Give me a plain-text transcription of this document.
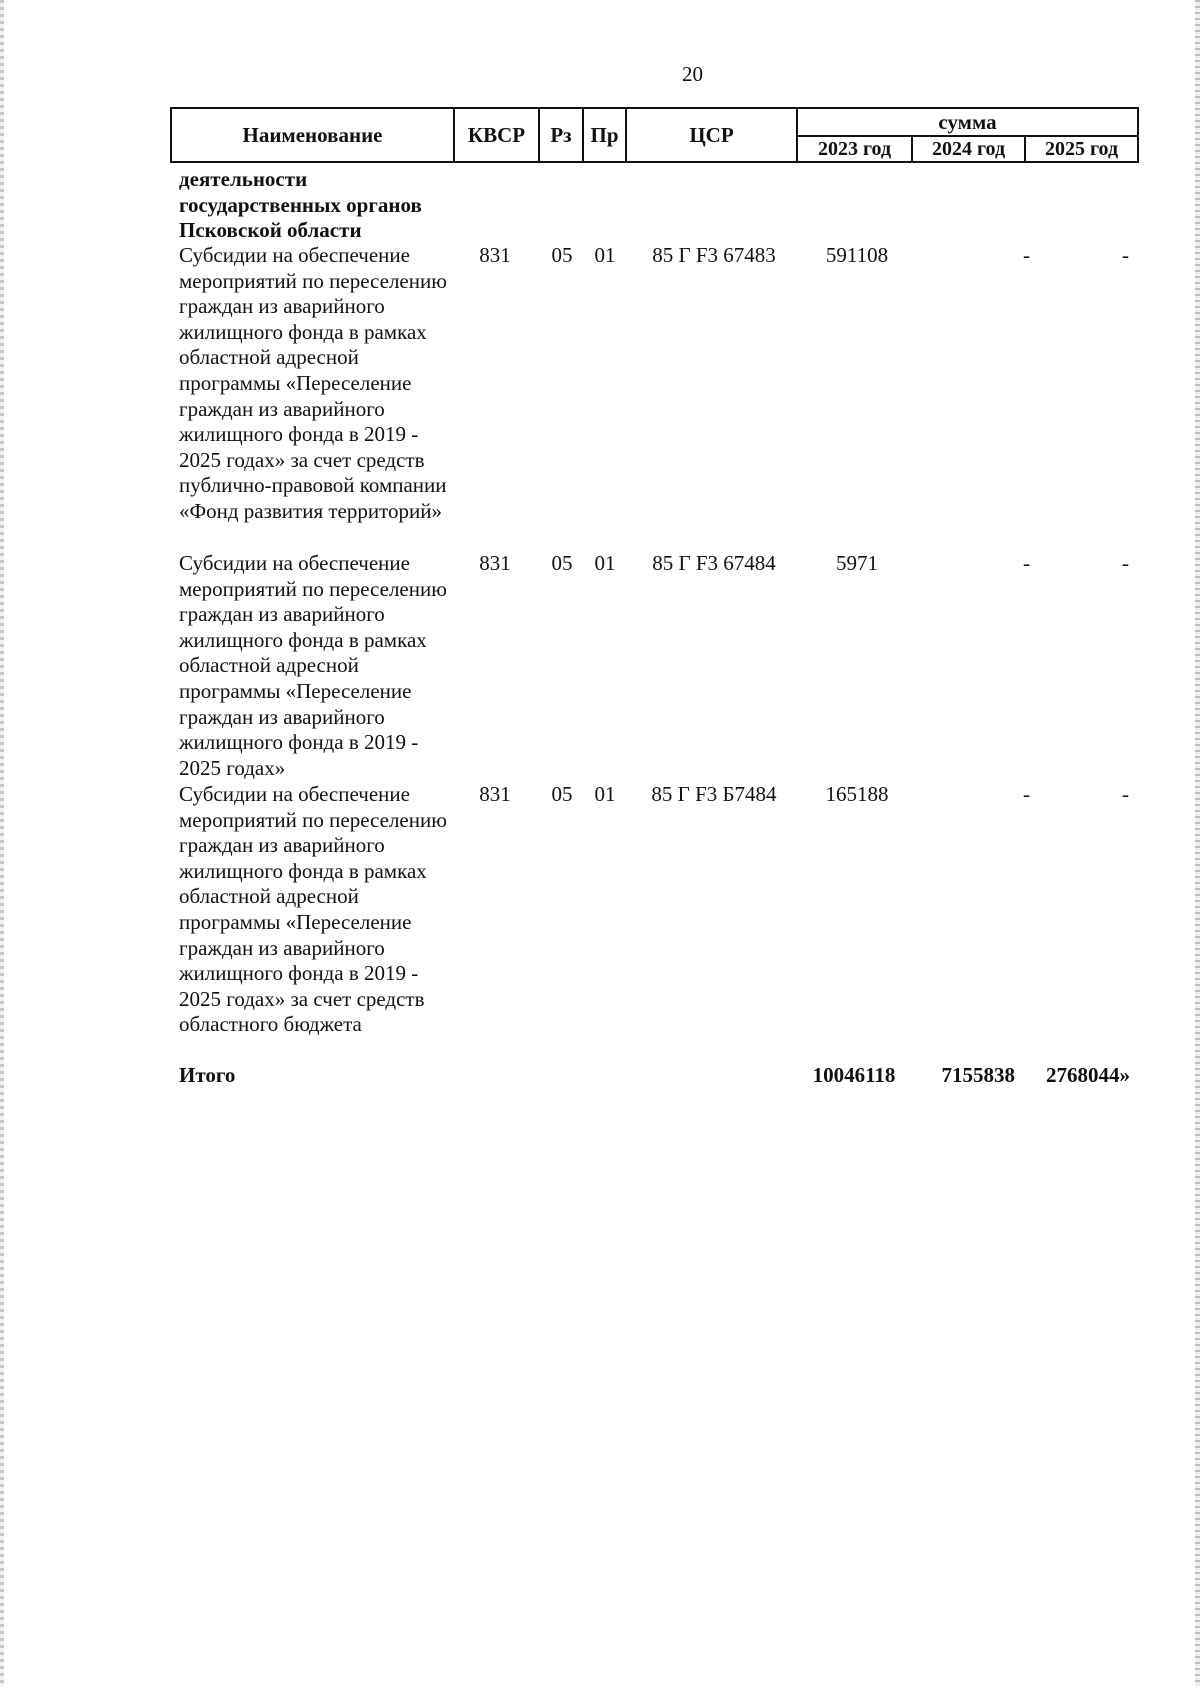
20
Наименование	КВСР	Рз Пр	ЦСР
сумма
2023 год	2024 год	2025 год
деятельности государственных органов Псковской области
Субсидии на обеспечение мероприятий по переселению граждан из аварийного жилищного фонда в рамках областной адресной программы «Переселение граждан из аварийного жилищного фонда в 2019 - 2025 годах» за счет средств публично-правовой компании «Фонд развития территорий»
831 05 01	85 Г F3 67483	591108	-	-
Субсидии на обеспечение мероприятий по переселению граждан из аварийного жилищного фонда в рамках областной адресной программы «Переселение граждан из аварийного жилищного фонда в 2019 - 2025 годах»
831 05 01	85 Г F3 67484	5971	-	-
Субсидии на обеспечение мероприятий по переселению граждан из аварийного жилищного фонда в рамках областной адресной программы «Переселение граждан из аварийного жилищного фонда в 2019 - 2025 годах» за счет средств областного бюджета
831 05 01	85 Г F3 Б7484	165188	-	-
Итого	10046118	7155838	2768044»
